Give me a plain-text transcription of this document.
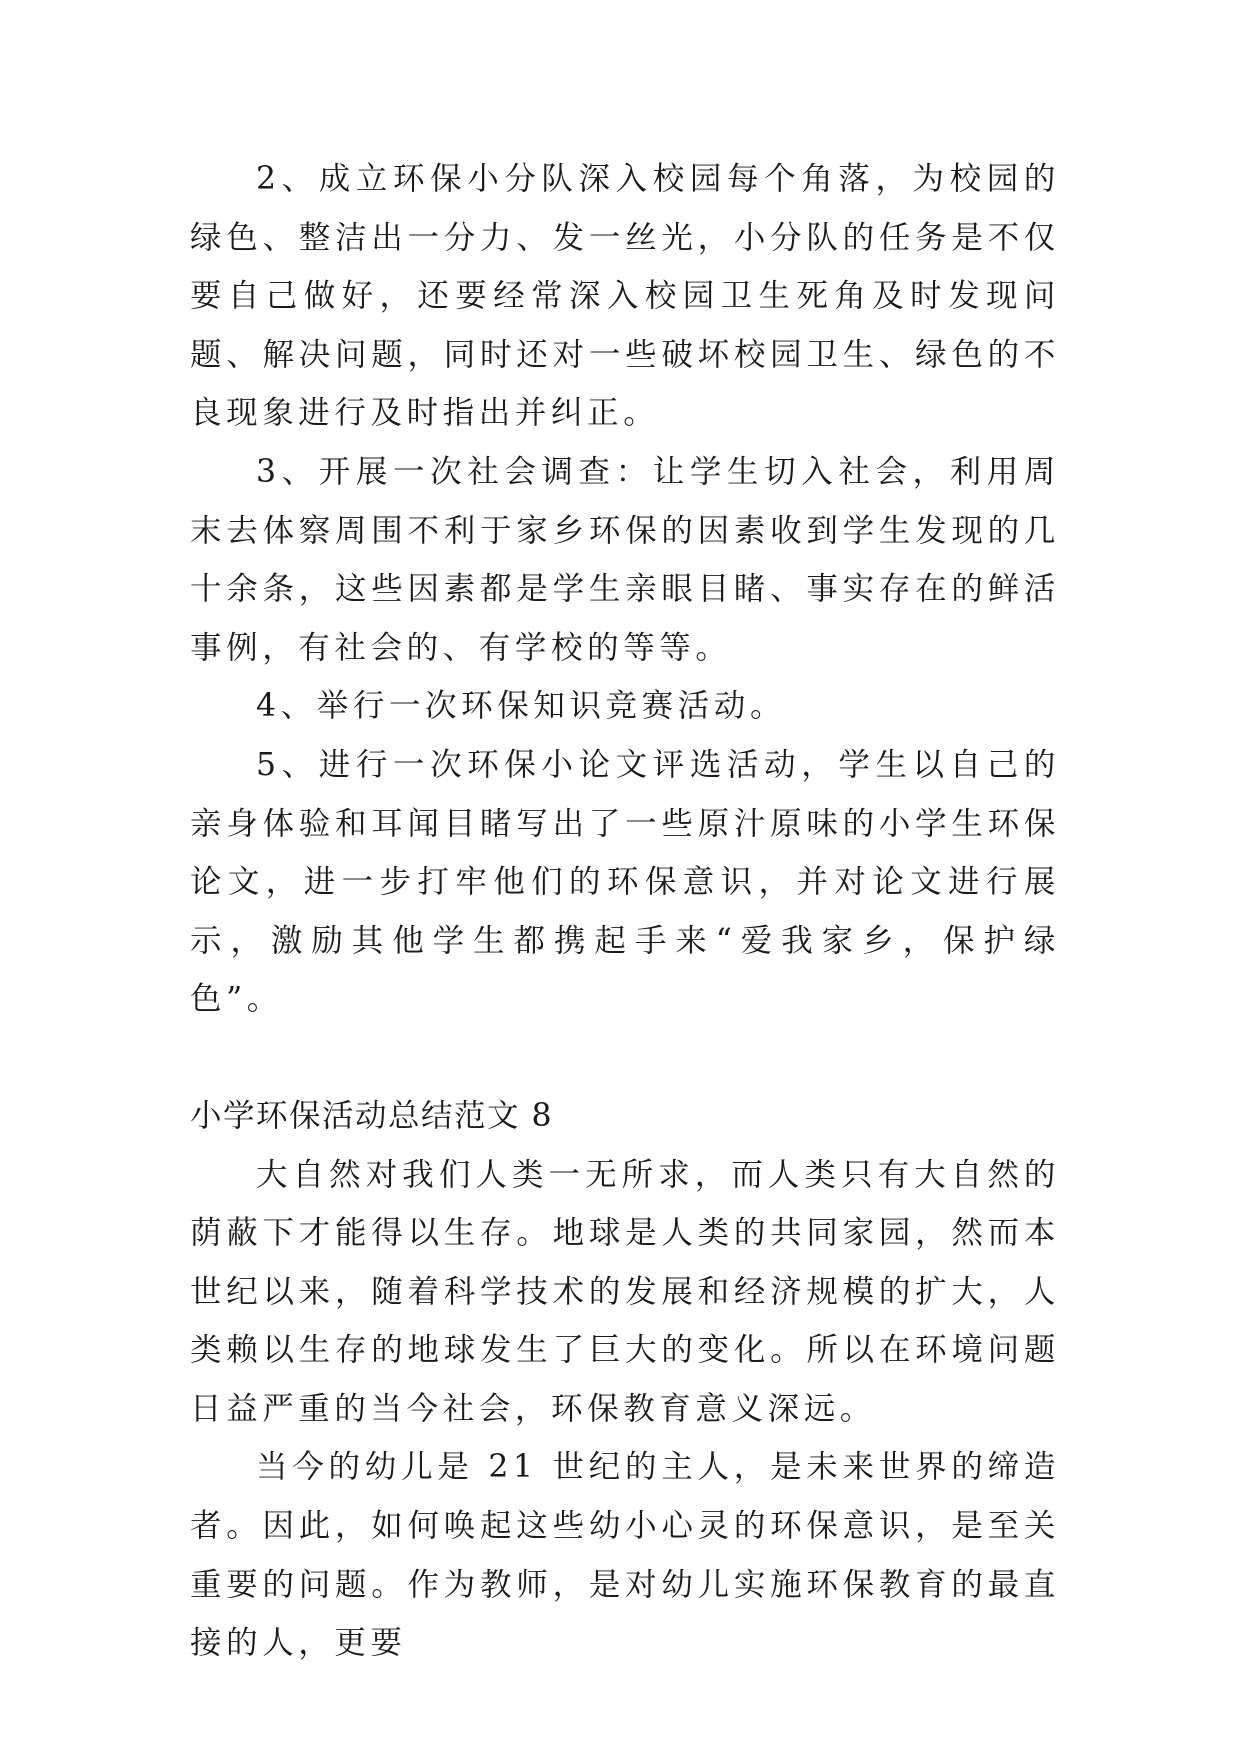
2、成立环保小分队深入校园每个角落，为校园的绿色、整洁出一分力、发一丝光，小分队的任务是不仅要自己做好，还要经常深入校园卫生死角及时发现问题、解决问题，同时还对一些破坏校园卫生、绿色的不良现象进行及时指出并纠正。

3、开展一次社会调查：让学生切入社会，利用周末去体察周围不利于家乡环保的因素收到学生发现的几十余条，这些因素都是学生亲眼目睹、事实存在的鲜活事例，有社会的、有学校的等等。

4、举行一次环保知识竞赛活动。

5、进行一次环保小论文评选活动，学生以自己的亲身体验和耳闻目睹写出了一些原汁原味的小学生环保论文，进一步打牢他们的环保意识，并对论文进行展示，激励其他学生都携起手来“爱我家乡，保护绿色”。

小学环保活动总结范文 8

大自然对我们人类一无所求，而人类只有大自然的荫蔽下才能得以生存。地球是人类的共同家园，然而本世纪以来，随着科学技术的发展和经济规模的扩大，人类赖以生存的地球发生了巨大的变化。所以在环境问题日益严重的当今社会，环保教育意义深远。

当今的幼儿是 21 世纪的主人，是未来世界的缔造者。因此，如何唤起这些幼小心灵的环保意识，是至关重要的问题。作为教师，是对幼儿实施环保教育的最直接的人，更要
